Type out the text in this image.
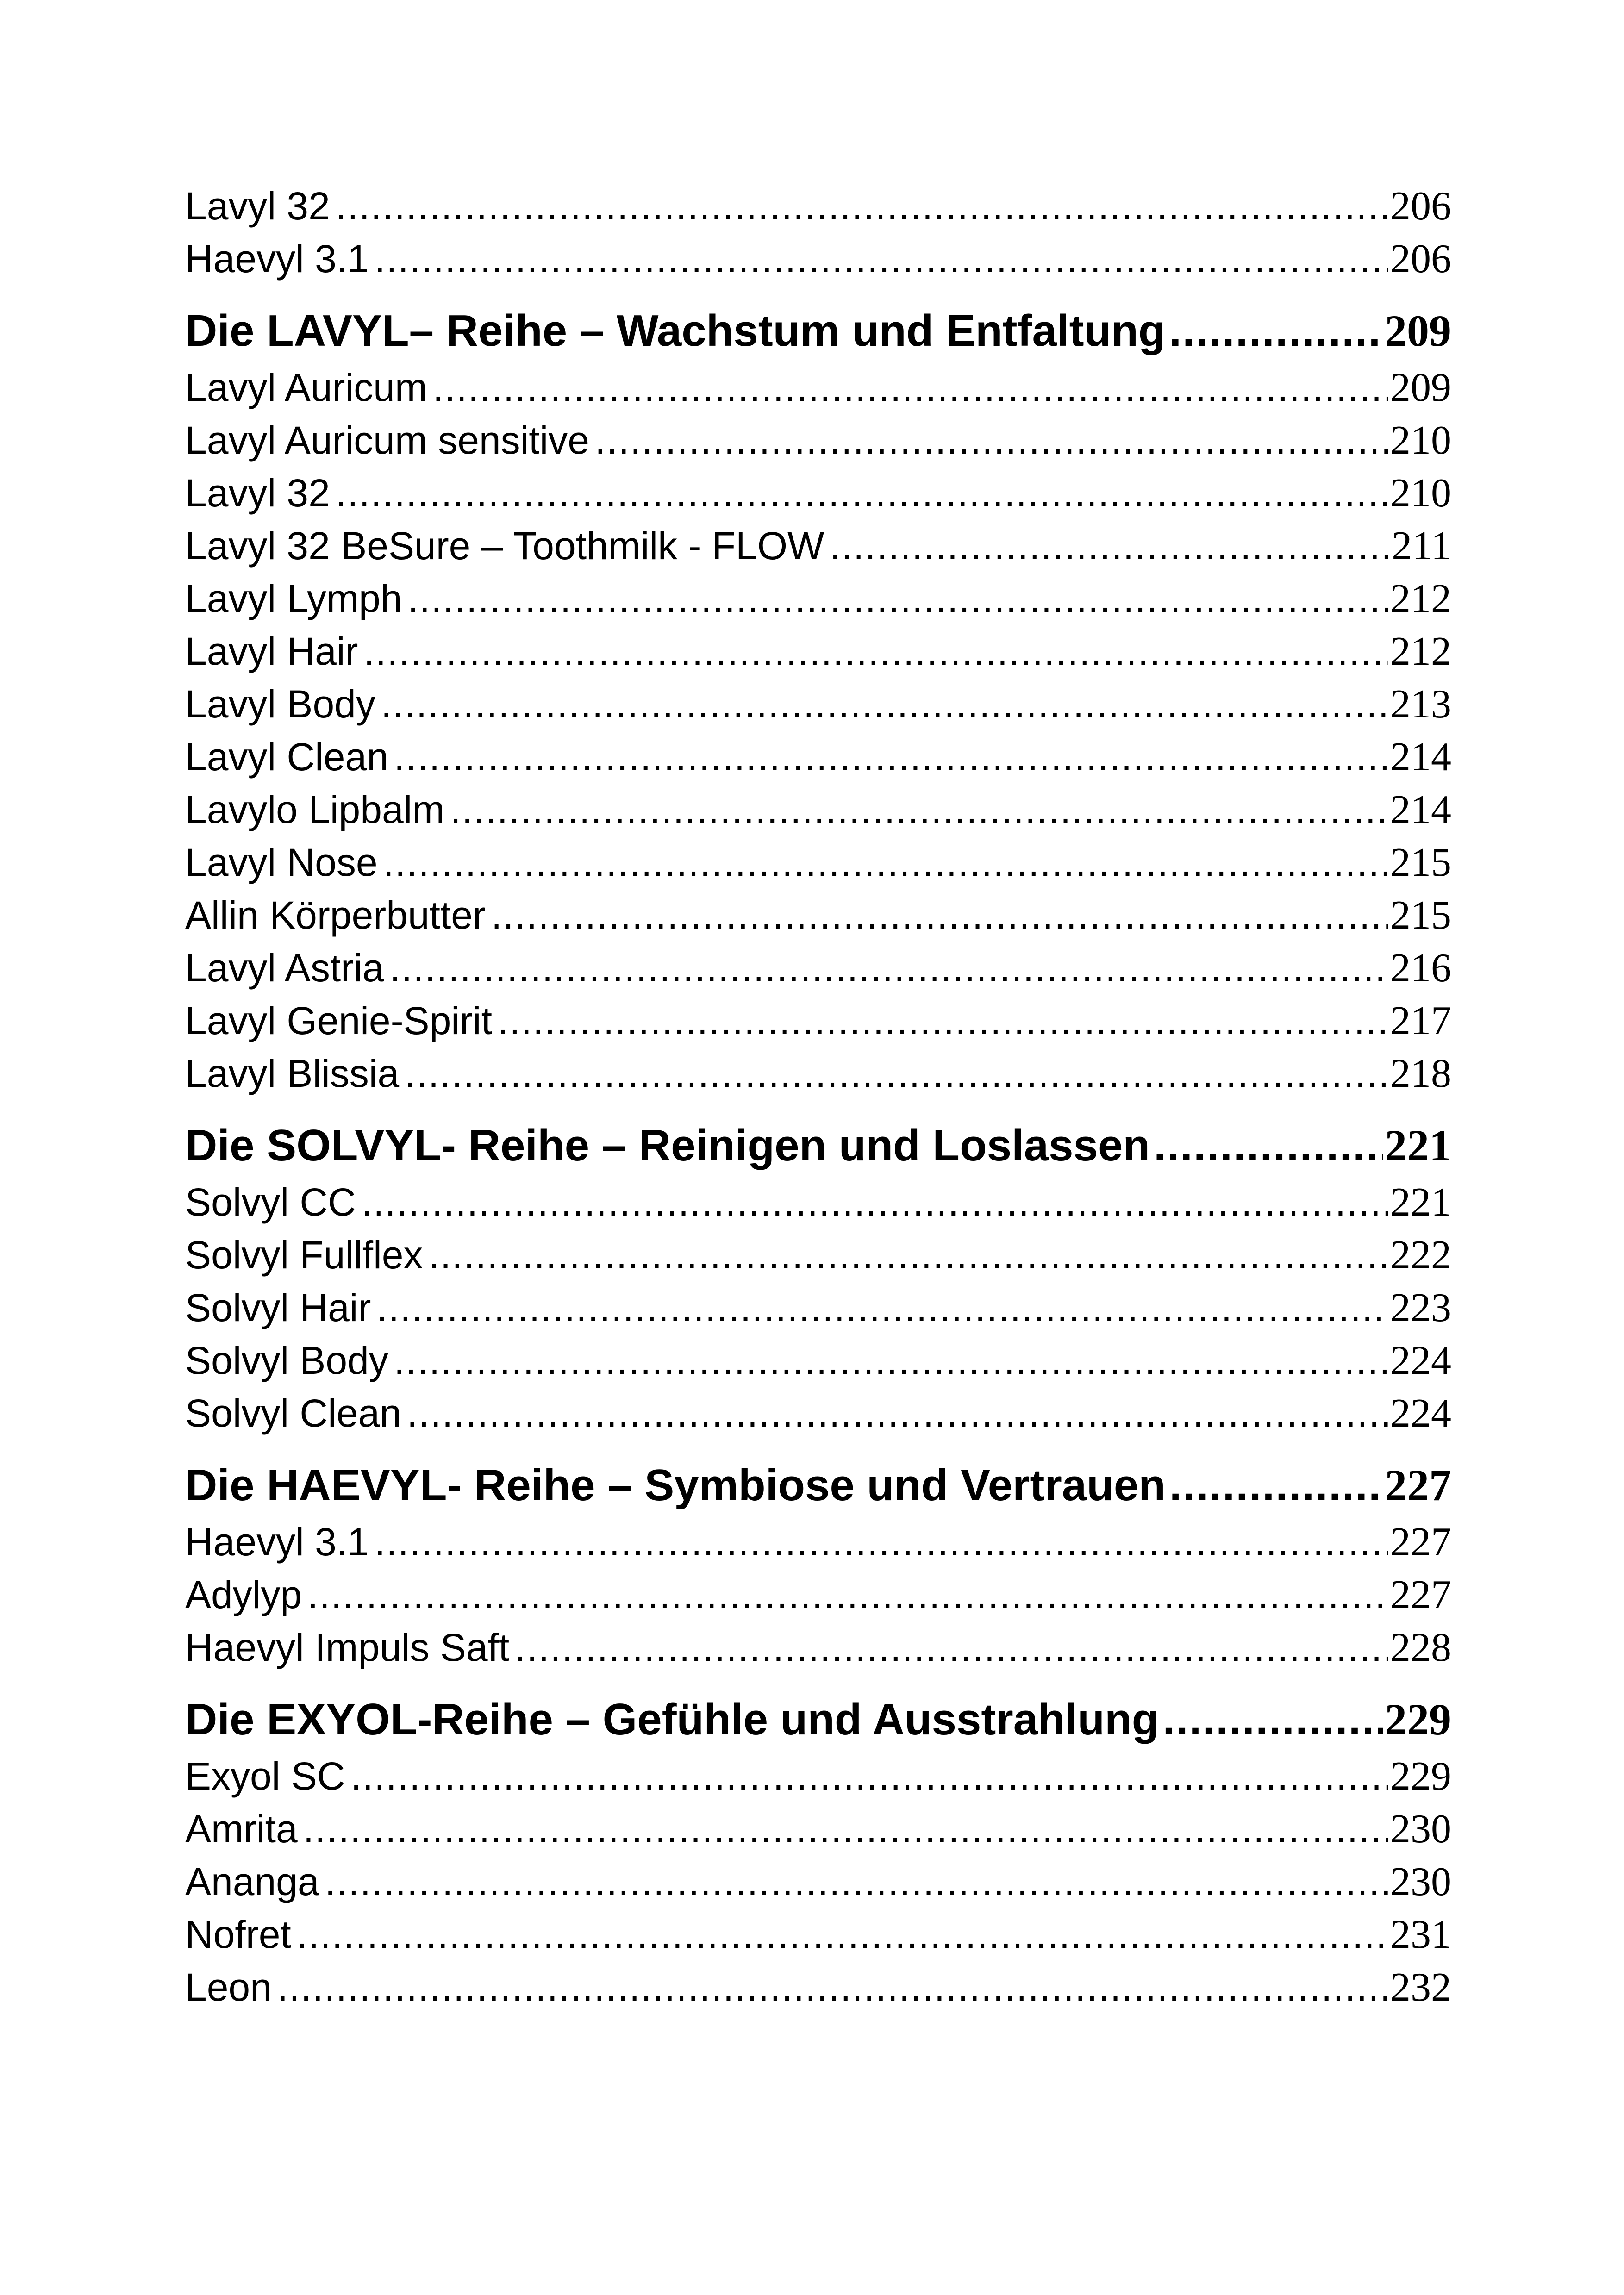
Lavyl 32 .....	206
Haevyl 3.1 .....	206
Die LAVYL– Reihe – Wachstum und Entfaltung .....	209
Lavyl Auricum .....	209
Lavyl Auricum sensitive .....	210
Lavyl 32 .....	210
Lavyl 32 BeSure – Toothmilk - FLOW .....	211
Lavyl Lymph .....	212
Lavyl Hair .....	212
Lavyl Body .....	213
Lavyl Clean .....	214
Lavylo Lipbalm .....	214
Lavyl Nose .....	215
Allin Körperbutter .....	215
Lavyl Astria .....	216
Lavyl Genie-Spirit .....	217
Lavyl Blissia .....	218
Die SOLVYL- Reihe – Reinigen und Loslassen .....	221
Solvyl CC .....	221
Solvyl Fullflex .....	222
Solvyl Hair .....	223
Solvyl Body .....	224
Solvyl Clean .....	224
Die HAEVYL- Reihe – Symbiose und Vertrauen .....	227
Haevyl 3.1 .....	227
Adylyp .....	227
Haevyl Impuls Saft .....	228
Die EXYOL-Reihe – Gefühle und Ausstrahlung .....	229
Exyol SC .....	229
Amrita .....	230
Ananga .....	230
Nofret .....	231
Leon .....	232
